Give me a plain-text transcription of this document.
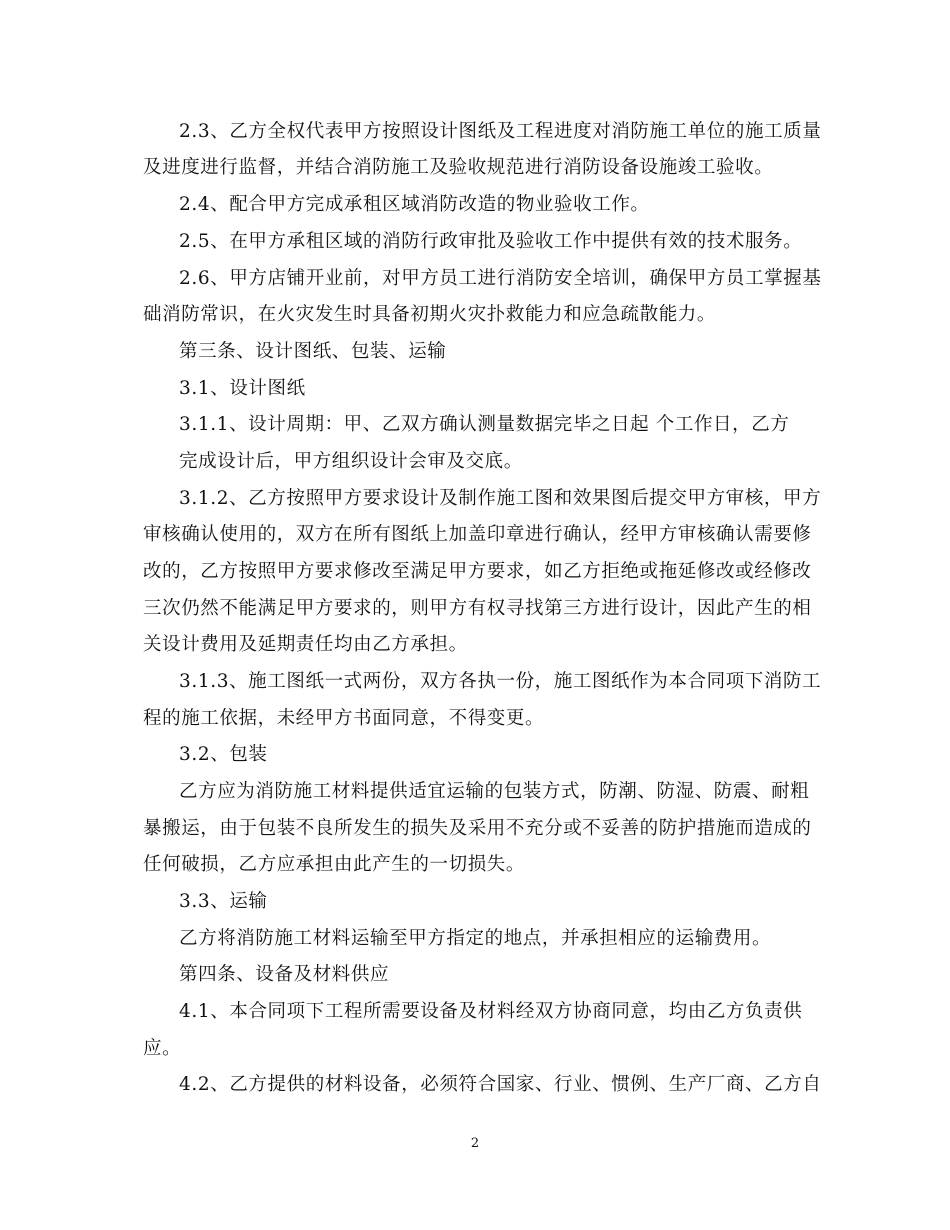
2.3、乙方全权代表甲方按照设计图纸及工程进度对消防施工单位的施工质量
及进度进行监督，并结合消防施工及验收规范进行消防设备设施竣工验收。
2.4、配合甲方完成承租区域消防改造的物业验收工作。
2.5、在甲方承租区域的消防行政审批及验收工作中提供有效的技术服务。
2.6、甲方店铺开业前，对甲方员工进行消防安全培训，确保甲方员工掌握基
础消防常识，在火灾发生时具备初期火灾扑救能力和应急疏散能力。
第三条、设计图纸、包装、运输
3.1、设计图纸
3.1.1、设计周期：甲、乙双方确认测量数据完毕之日起 个工作日，乙方
完成设计后，甲方组织设计会审及交底。
3.1.2、乙方按照甲方要求设计及制作施工图和效果图后提交甲方审核，甲方
审核确认使用的，双方在所有图纸上加盖印章进行确认，经甲方审核确认需要修
改的，乙方按照甲方要求修改至满足甲方要求，如乙方拒绝或拖延修改或经修改
三次仍然不能满足甲方要求的，则甲方有权寻找第三方进行设计，因此产生的相
关设计费用及延期责任均由乙方承担。
3.1.3、施工图纸一式两份，双方各执一份，施工图纸作为本合同项下消防工
程的施工依据，未经甲方书面同意，不得变更。
3.2、包装
乙方应为消防施工材料提供适宜运输的包装方式，防潮、防湿、防震、耐粗
暴搬运，由于包装不良所发生的损失及采用不充分或不妥善的防护措施而造成的
任何破损，乙方应承担由此产生的一切损失。
3.3、运输
乙方将消防施工材料运输至甲方指定的地点，并承担相应的运输费用。
第四条、设备及材料供应
4.1、本合同项下工程所需要设备及材料经双方协商同意，均由乙方负责供
应。
4.2、乙方提供的材料设备，必须符合国家、行业、惯例、生产厂商、乙方自
2
